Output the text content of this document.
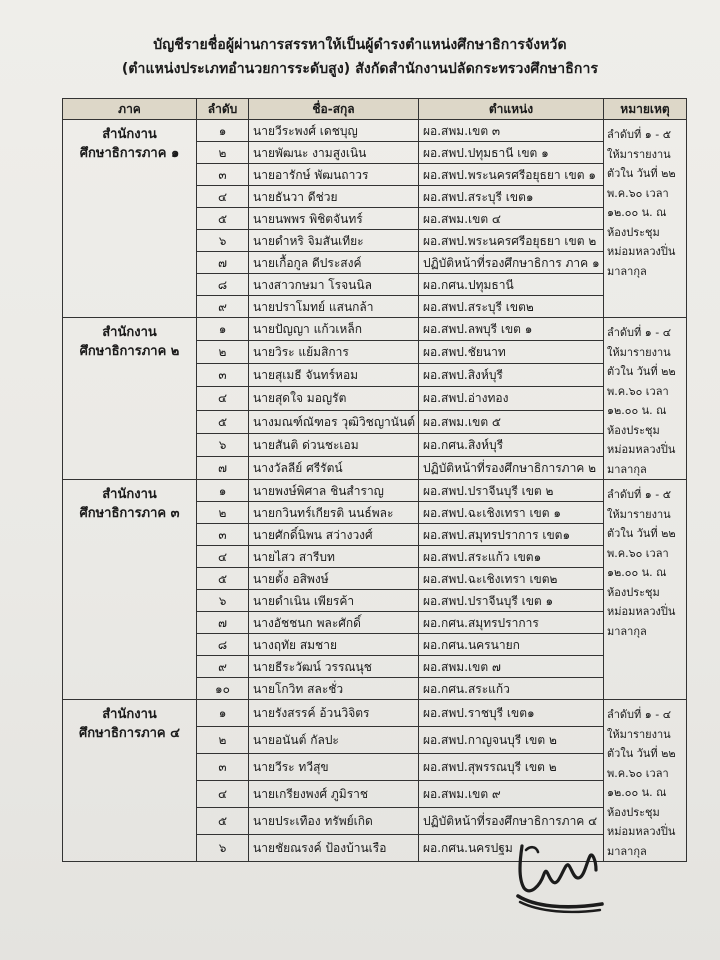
บัญชีรายชื่อผู้ผ่านการสรรหาให้เป็นผู้ดำรงตำแหน่งศึกษาธิการจังหวัด
(ตำแหน่งประเภทอำนวยการระดับสูง) สังกัดสำนักงานปลัดกระทรวงศึกษาธิการ
ภาค	ลำดับ	ชื่อ-สกุล	ตำแหน่ง	หมายเหตุ

สำนักงาน
ศึกษาธิการภาค ๑	๑	นายวีระพงศ์ เดชบุญ	ผอ.สพม.เขต ๓	ลำดับที่ ๑ - ๕ ให้มารายงานตัวใน วันที่ ๒๒ พ.ค.๖๐ เวลา ๑๒.๐๐ น. ณ ห้องประชุม หม่อมหลวงปิ่น มาลากุล
	๒	นายพัฒนะ งามสูงเนิน	ผอ.สพป.ปทุมธานี เขต ๑	
	๓	นายอารักษ์ พัฒนถาวร	ผอ.สพป.พระนครศรีอยุธยา เขต ๑	
	๔	นายธันวา ดีช่วย	ผอ.สพป.สระบุรี เขต๑	
	๕	นายนพพร พิชิตจันทร์	ผอ.สพม.เขต ๔	
	๖	นายดำหริ จิมสันเทียะ	ผอ.สพป.พระนครศรีอยุธยา เขต ๒	
	๗	นายเกื้อกูล ดีประสงค์	ปฏิบัติหน้าที่รองศึกษาธิการ ภาค ๑	
	๘	นางสาวกษมา โรจนนิล	ผอ.กศน.ปทุมธานี	
	๙	นายปราโมทย์ แสนกล้า	ผอ.สพป.สระบุรี เขต๒	

สำนักงาน
ศึกษาธิการภาค ๒	๑	นายปัญญา แก้วเหล็ก	ผอ.สพป.ลพบุรี เขต ๑	ลำดับที่ ๑ - ๔ ให้มารายงานตัวใน วันที่ ๒๒ พ.ค.๖๐ เวลา ๑๒.๐๐ น. ณ ห้องประชุม หม่อมหลวงปิ่น มาลากุล
	๒	นายวิระ แย้มสิการ	ผอ.สพป.ชัยนาท	
	๓	นายสุเมธี จันทร์หอม	ผอ.สพป.สิงห์บุรี	
	๔	นายสุดใจ มอญรัต	ผอ.สพป.อ่างทอง	
	๕	นางมณฑ์ณัฑอร วุฒิวิชญานันต์	ผอ.สพม.เขต ๕	
	๖	นายสันติ ด่วนชะเอม	ผอ.กศน.สิงห์บุรี	
	๗	นางวัลลีย์ ศรีรัตน์	ปฏิบัติหน้าที่รองศึกษาธิการภาค ๒	

สำนักงาน
ศึกษาธิการภาค ๓	๑	นายพงษ์พิศาล ชินสำราญ	ผอ.สพป.ปราจีนบุรี เขต ๒	ลำดับที่ ๑ - ๕ ให้มารายงานตัวใน วันที่ ๒๒ พ.ค.๖๐ เวลา ๑๒.๐๐ น. ณ ห้องประชุม หม่อมหลวงปิ่น มาลากุล
	๒	นายกวินทร์เกียรติ นนธ์พละ	ผอ.สพป.ฉะเชิงเทรา เขต ๑	
	๓	นายศักดิ์นิพน สว่างวงศ์	ผอ.สพป.สมุทรปราการ เขต๑	
	๔	นายไสว สารีบท	ผอ.สพป.สระแก้ว เขต๑	
	๕	นายตั้ง อสิพงษ์	ผอ.สพป.ฉะเชิงเทรา เขต๒	
	๖	นายดำเนิน เพียรค้า	ผอ.สพป.ปราจีนบุรี เขต ๑	
	๗	นางอัชชนก พละศักดิ์	ผอ.กศน.สมุทรปราการ	
	๘	นางฤทัย สมชาย	ผอ.กศน.นครนายก	
	๙	นายธีระวัฒน์ วรรณนุช	ผอ.สพม.เขต ๗	
	๑๐	นายโกวิท สละชั่ว	ผอ.กศน.สระแก้ว	

สำนักงาน
ศึกษาธิการภาค ๔	๑	นายรังสรรค์ อ้วนวิจิตร	ผอ.สพป.ราชบุรี เขต๑	ลำดับที่ ๑ - ๔ ให้มารายงานตัวใน วันที่ ๒๒ พ.ค.๖๐ เวลา ๑๒.๐๐ น. ณ ห้องประชุม หม่อมหลวงปิ่น มาลากุล
	๒	นายอนันต์ กัลปะ	ผอ.สพป.กาญจนบุรี เขต ๒	
	๓	นายวีระ ทวีสุข	ผอ.สพป.สุพรรณบุรี เขต ๒	
	๔	นายเกรียงพงศ์ ภูมิราช	ผอ.สพม.เขต ๙	
	๕	นายประเทือง ทรัพย์เกิด	ปฏิบัติหน้าที่รองศึกษาธิการภาค ๔	
	๖	นายชัยณรงค์ ป้องบ้านเรือ	ผอ.กศน.นครปฐม	
